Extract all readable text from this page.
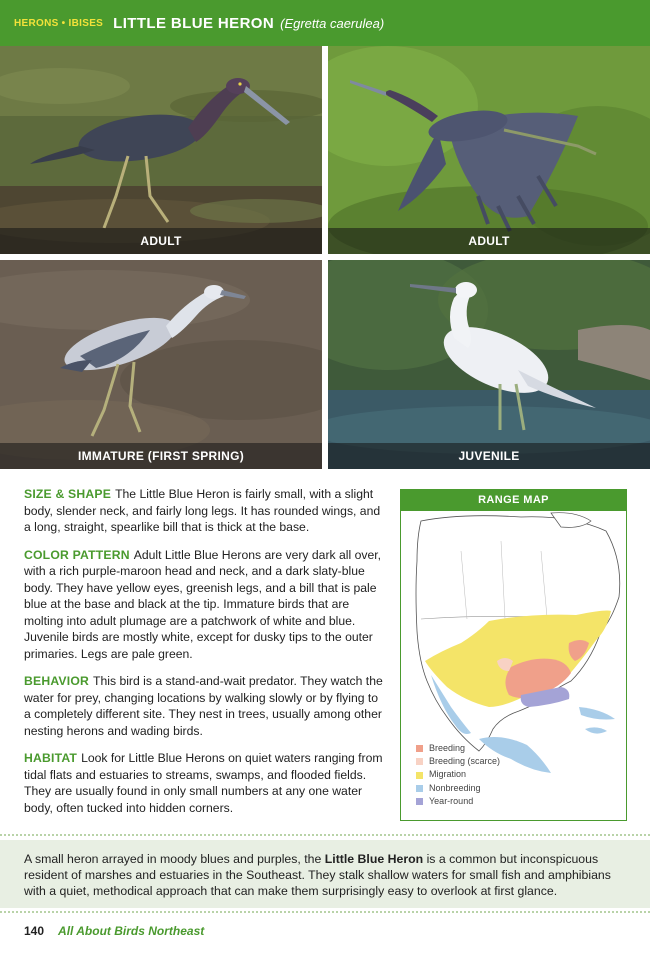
HERONS • IBISES LITTLE BLUE HERON (Egretta caerulea)
ADULT	ADULT
IMMATURE (FIRST SPRING)	JUVENILE

SIZE & SHAPE The Little Blue Heron is fairly small, with a slight body, slender neck, and fairly long legs. It has rounded wings, and a long, straight, spearlike bill that is thick at the base.

COLOR PATTERN Adult Little Blue Herons are very dark all over, with a rich purple-maroon head and neck, and a dark slaty-blue body. They have yellow eyes, greenish legs, and a bill that is pale blue at the base and black at the tip. Immature birds that are molting into adult plumage are a patchwork of white and blue. Juvenile birds are mostly white, except for dusky tips to the outer primaries. Legs are pale green.

BEHAVIOR This bird is a stand-and-wait predator. They watch the water for prey, changing locations by walking slowly or by flying to a completely different site. They nest in trees, usually among other nesting herons and wading birds.

HABITAT Look for Little Blue Herons on quiet waters ranging from tidal flats and estuaries to streams, swamps, and flooded fields. They are usually found in only small numbers at any one water body, often tucked into hidden corners.

RANGE MAP
Breeding
Breeding (scarce)
Migration
Nonbreeding
Year-round
A small heron arrayed in moody blues and purples, the Little Blue Heron is a common but inconspicuous resident of marshes and estuaries in the Southeast. They stalk shallow waters for small fish and amphibians with a quiet, methodical approach that can make them surprisingly easy to overlook at first glance.
140 All About Birds Northeast
